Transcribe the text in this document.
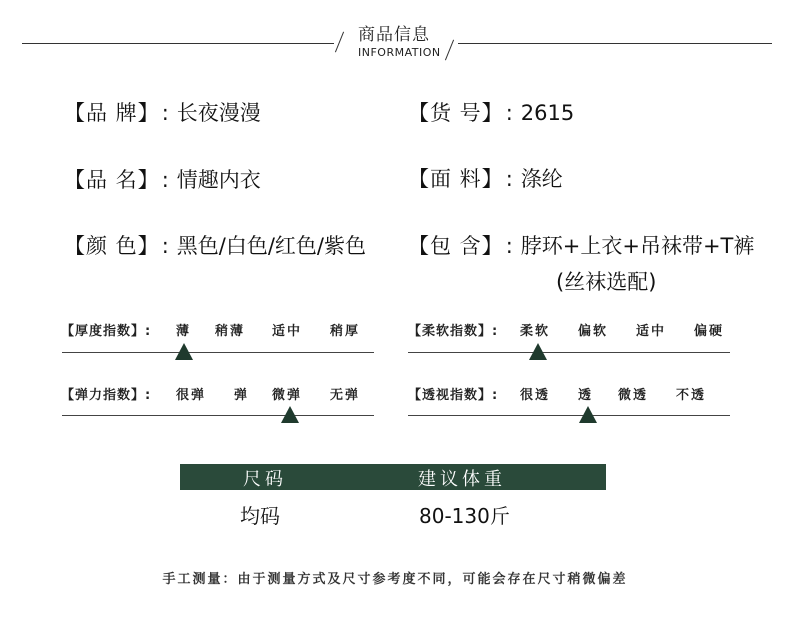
商品信息
INFORMATION
【品 牌】: 长夜漫漫	【货 号】: 2615
【品 名】: 情趣内衣	【面 料】: 涤纶
【颜 色】: 黑色/白色/红色/紫色 【包 含】: 脖环+上衣+吊袜带+T裤
(丝袜选配)
【厚度指数】: 薄 稍薄 适中 稍厚	【柔软指数】: 柔软 偏软 适中 偏硬
【弹力指数】: 很弹 弹 微弹 无弹	【透视指数】: 很透 透 微透 不透
尺码	建议体重
均码	80-130斤
手工测量：由于测量方式及尺寸参考度不同，可能会存在尺寸稍微偏差
